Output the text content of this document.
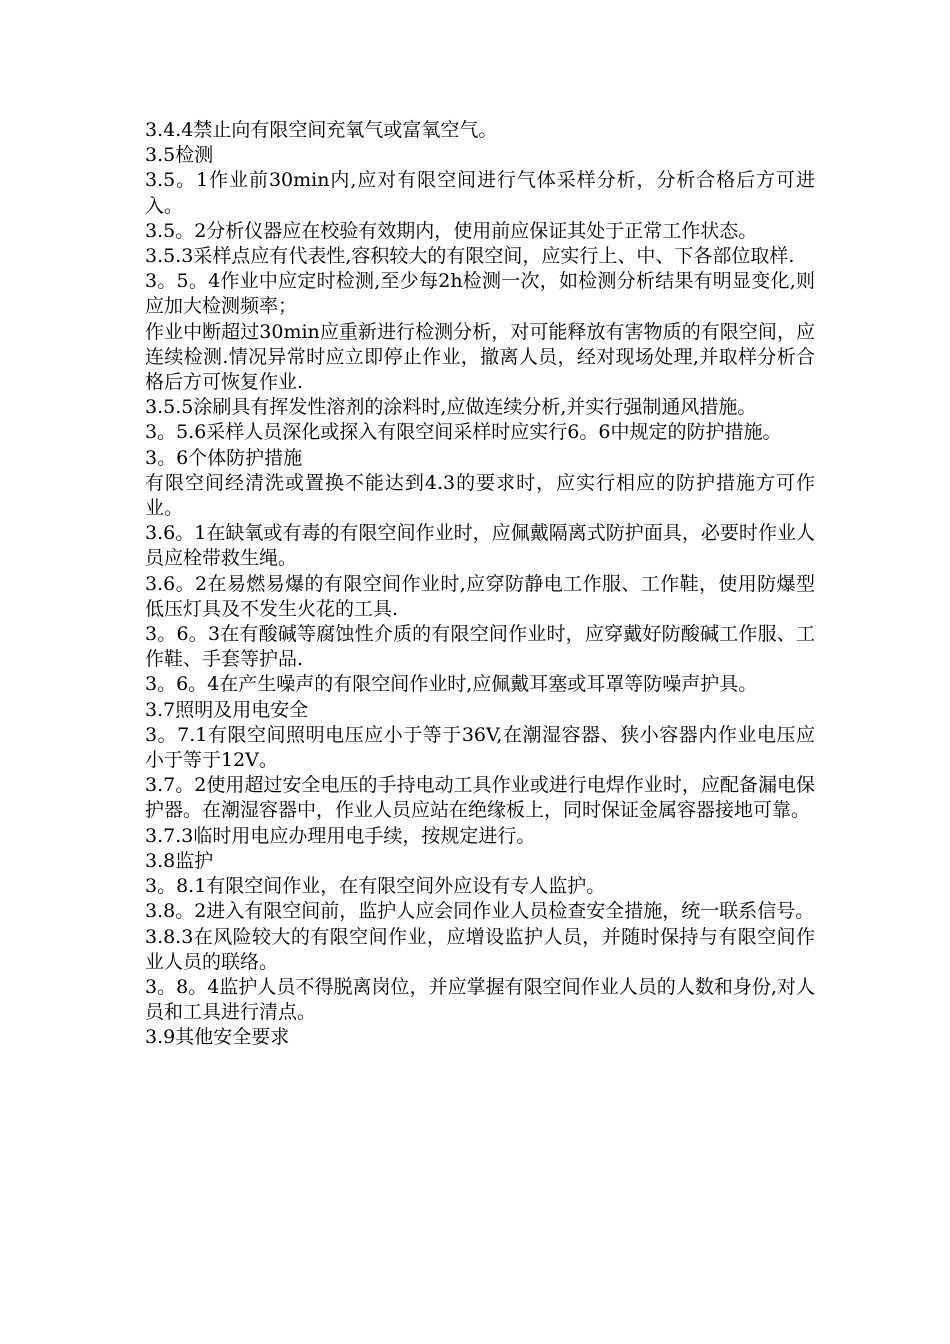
3.4.4禁止向有限空间充氧气或富氧空气。

3.5检测

3.5。1作业前30min内,应对有限空间进行气体采样分析，分析合格后方可进入。

3.5。2分析仪器应在校验有效期内，使用前应保证其处于正常工作状态。

3.5.3采样点应有代表性,容积较大的有限空间，应实行上、中、下各部位取样.

3。5。4作业中应定时检测,至少每2h检测一次，如检测分析结果有明显变化,则应加大检测频率；

作业中断超过30min应重新进行检测分析，对可能释放有害物质的有限空间，应连续检测.情况异常时应立即停止作业，撤离人员，经对现场处理,并取样分析合格后方可恢复作业.

3.5.5涂刷具有挥发性溶剂的涂料时,应做连续分析,并实行强制通风措施。

3。5.6采样人员深化或探入有限空间采样时应实行6。6中规定的防护措施。

3。6个体防护措施

有限空间经清洗或置换不能达到4.3的要求时，应实行相应的防护措施方可作业。

3.6。1在缺氧或有毒的有限空间作业时，应佩戴隔离式防护面具，必要时作业人员应栓带救生绳。

3.6。2在易燃易爆的有限空间作业时,应穿防静电工作服、工作鞋，使用防爆型低压灯具及不发生火花的工具.

3。6。3在有酸碱等腐蚀性介质的有限空间作业时，应穿戴好防酸碱工作服、工作鞋、手套等护品.

3。6。4在产生噪声的有限空间作业时,应佩戴耳塞或耳罩等防噪声护具。

3.7照明及用电安全

3。7.1有限空间照明电压应小于等于36V,在潮湿容器、狭小容器内作业电压应小于等于12V。

3.7。2使用超过安全电压的手持电动工具作业或进行电焊作业时，应配备漏电保护器。在潮湿容器中，作业人员应站在绝缘板上，同时保证金属容器接地可靠。

3.7.3临时用电应办理用电手续，按规定进行。

3.8监护

3。8.1有限空间作业，在有限空间外应设有专人监护。

3.8。2进入有限空间前，监护人应会同作业人员检查安全措施，统一联系信号。

3.8.3在风险较大的有限空间作业，应增设监护人员，并随时保持与有限空间作业人员的联络。

3。8。4监护人员不得脱离岗位，并应掌握有限空间作业人员的人数和身份,对人员和工具进行清点。

3.9其他安全要求
